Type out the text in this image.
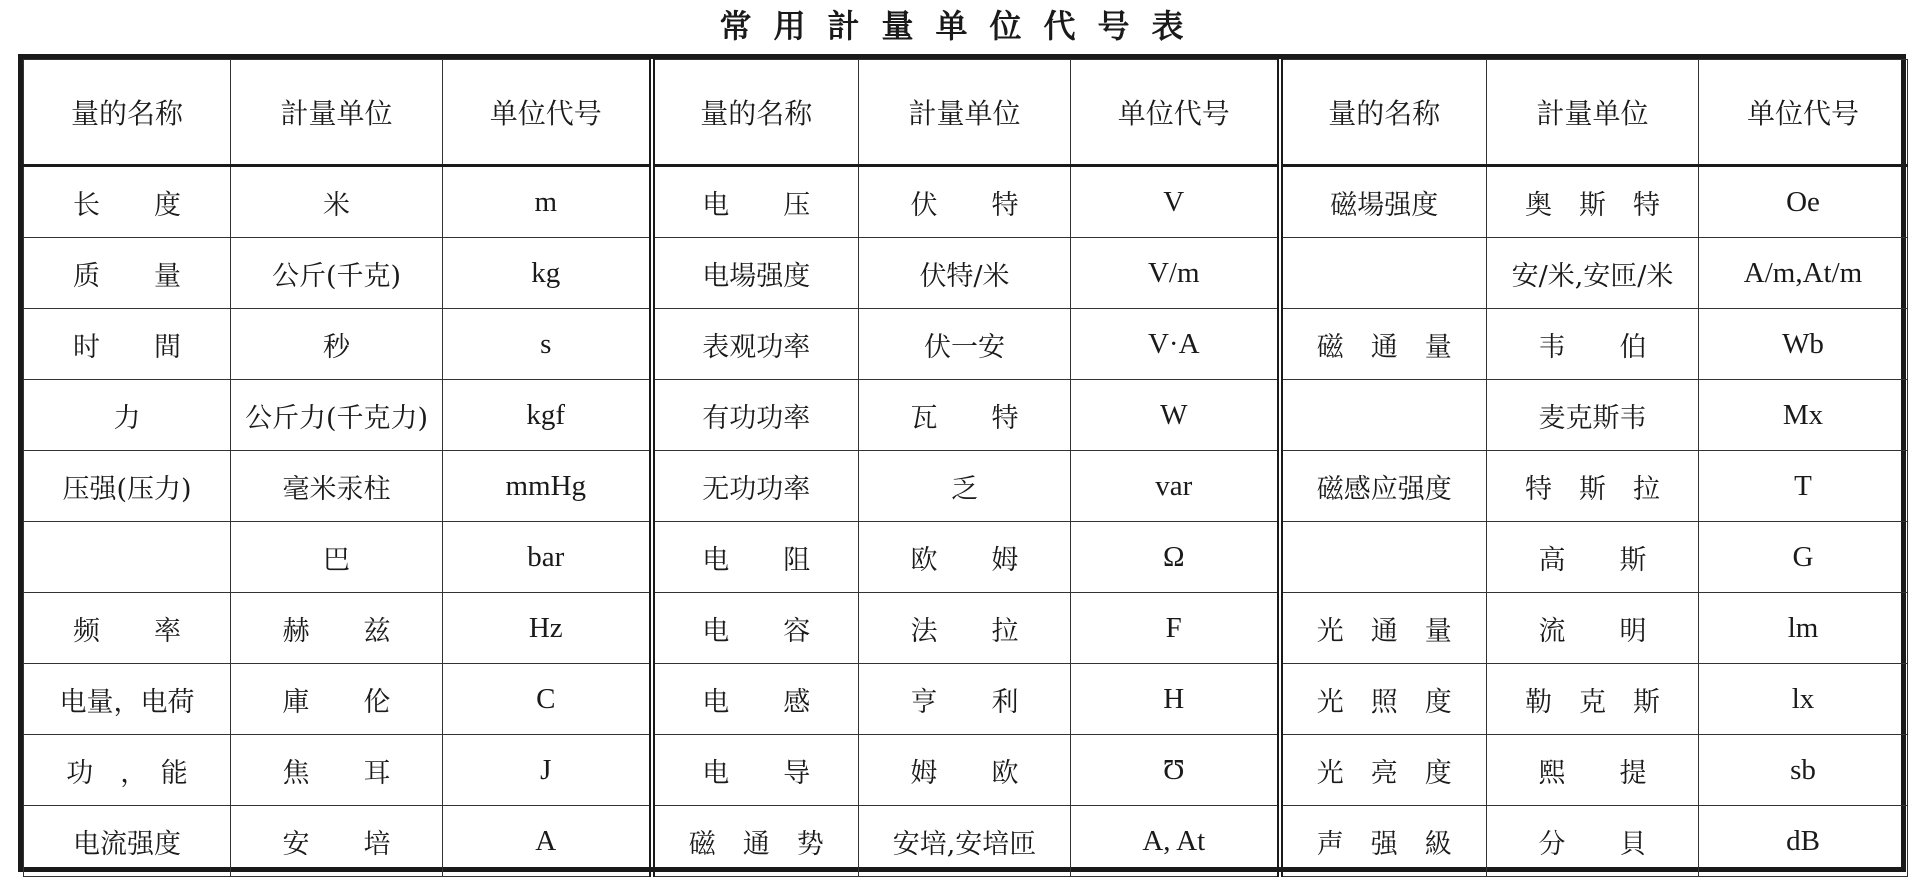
常用計量单位代号表
量的名称	計量单位	单位代号	量的名称	計量单位	单位代号	量的名称	計量单位	单位代号
长　　度	米	m	电　　压	伏　　特	V	磁場强度	奥　斯　特	Oe
质　　量	公斤(千克)	kg	电場强度	伏特/米	V/m		安/米,安匝/米	A/m,At/m
时　　間	秒	s	表观功率	伏一安	V·A	磁　通　量	韦　　伯	Wb
力	公斤力(千克力)	kgf	有功功率	瓦　　特	W		麦克斯韦	Mx
压强(压力)	毫米汞柱	mmHg	无功功率	乏	var	磁感应强度	特　斯　拉	T
	巴	bar	电　　阻	欧　　姆	Ω		高　　斯	G
频　　率	赫　　兹	Hz	电　　容	法　　拉	F	光　通　量	流　　明	lm
电量，电荷	庫　　伦	C	电　　感	亨　　利	H	光　照　度	勒　克　斯	lx
功　，　能	焦　　耳	J	电　　导	姆　　欧	Ʊ	光　亮　度	熙　　提	sb
电流强度	安　　培	A	磁　通　势	安培,安培匝	A, At	声　强　級	分　　貝	dB
